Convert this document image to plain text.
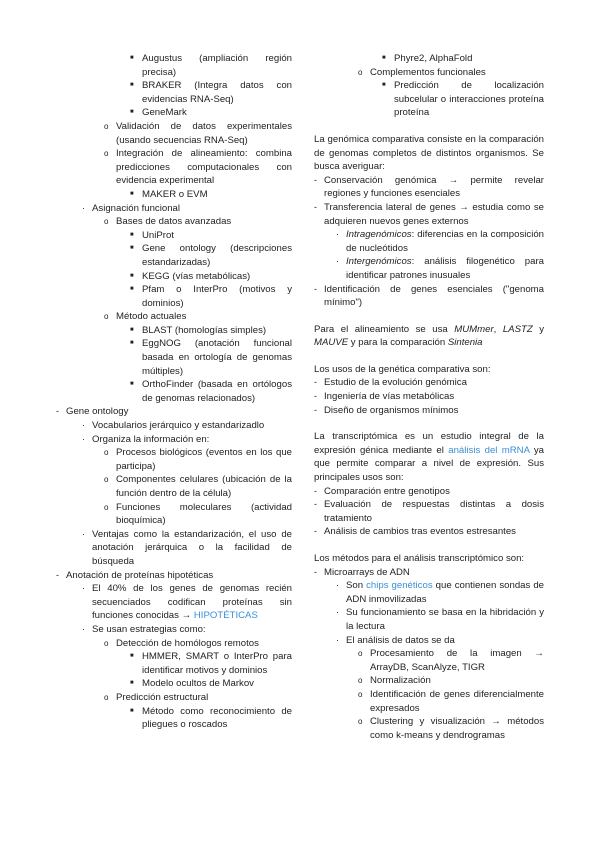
■ Augustus (ampliación región precisa)
■ BRAKER (Integra datos con evidencias RNA-Seq)
■ GeneMark
o Validación de datos experimentales (usando secuencias RNA-Seq)
o Integración de alineamiento: combina predicciones computacionales con evidencia experimental
■ MAKER o EVM
· Asignación funcional
o Bases de datos avanzadas
■ UniProt
■ Gene ontology (descripciones estandarizadas)
■ KEGG (vías metabólicas)
■ Pfam o InterPro (motivos y dominios)
o Método actuales
■ BLAST (homologías simples)
■ EggNOG (anotación funcional basada en ortología de genomas múltiples)
■ OrthoFinder (basada en ortólogos de genomas relacionados)
- Gene ontology
· Vocabularios jerárquico y estandarizadlo
· Organiza la información en:
o Procesos biológicos (eventos en los que participa)
o Componentes celulares (ubicación de la función dentro de la célula)
o Funciones moleculares (actividad bioquímica)
· Ventajas como la estandarización, el uso de anotación jerárquica o la facilidad de búsqueda
- Anotación de proteínas hipotéticas
· El 40% de los genes de genomas recién secuenciados codifican proteínas sin funciones conocidas → HIPOTÉTICAS
· Se usan estrategias como:
o Detección de homólogos remotos
■ HMMER, SMART o InterPro para identificar motivos y dominios
■ Modelo ocultos de Markov
o Predicción estructural
■ Método como reconocimiento de pliegues o roscados
■ Phyre2, AlphaFold
o Complementos funcionales
■ Predicción de localización subcelular o interacciones proteína proteína
La genómica comparativa consiste en la comparación de genomas completos de distintos organismos. Se busca averiguar:
- Conservación genómica → permite revelar regiones y funciones esenciales
- Transferencia lateral de genes → estudia como se adquieren nuevos genes externos
· Intragenómicos: diferencias en la composición de nucleótidos
· Intergenómicos: análisis filogenético para identificar patrones inusuales
- Identificación de genes esenciales ("genoma mínimo")
Para el alineamiento se usa MUMmer, LASTZ y MAUVE y para la comparación Sintenia
Los usos de la genética comparativa son:
- Estudio de la evolución genómica
- Ingeniería de vías metabólicas
- Diseño de organismos mínimos
La transcriptómica es un estudio integral de la expresión génica mediante el análisis del mRNA ya que permite comparar a nivel de expresión. Sus principales usos son:
- Comparación entre genotipos
- Evaluación de respuestas distintas a dosis tratamiento
- Análisis de cambios tras eventos estresantes
Los métodos para el análisis transcriptómico son:
- Microarrays de ADN
· Son chips genéticos que contienen sondas de ADN inmovilizadas
· Su funcionamiento se basa en la hibridación y la lectura
· El análisis de datos se da
o Procesamiento de la imagen → ArrayDB, ScanAlyze, TIGR
o Normalización
o Identificación de genes diferencialmente expresados
o Clustering y visualización → métodos como k-means y dendrogramas
